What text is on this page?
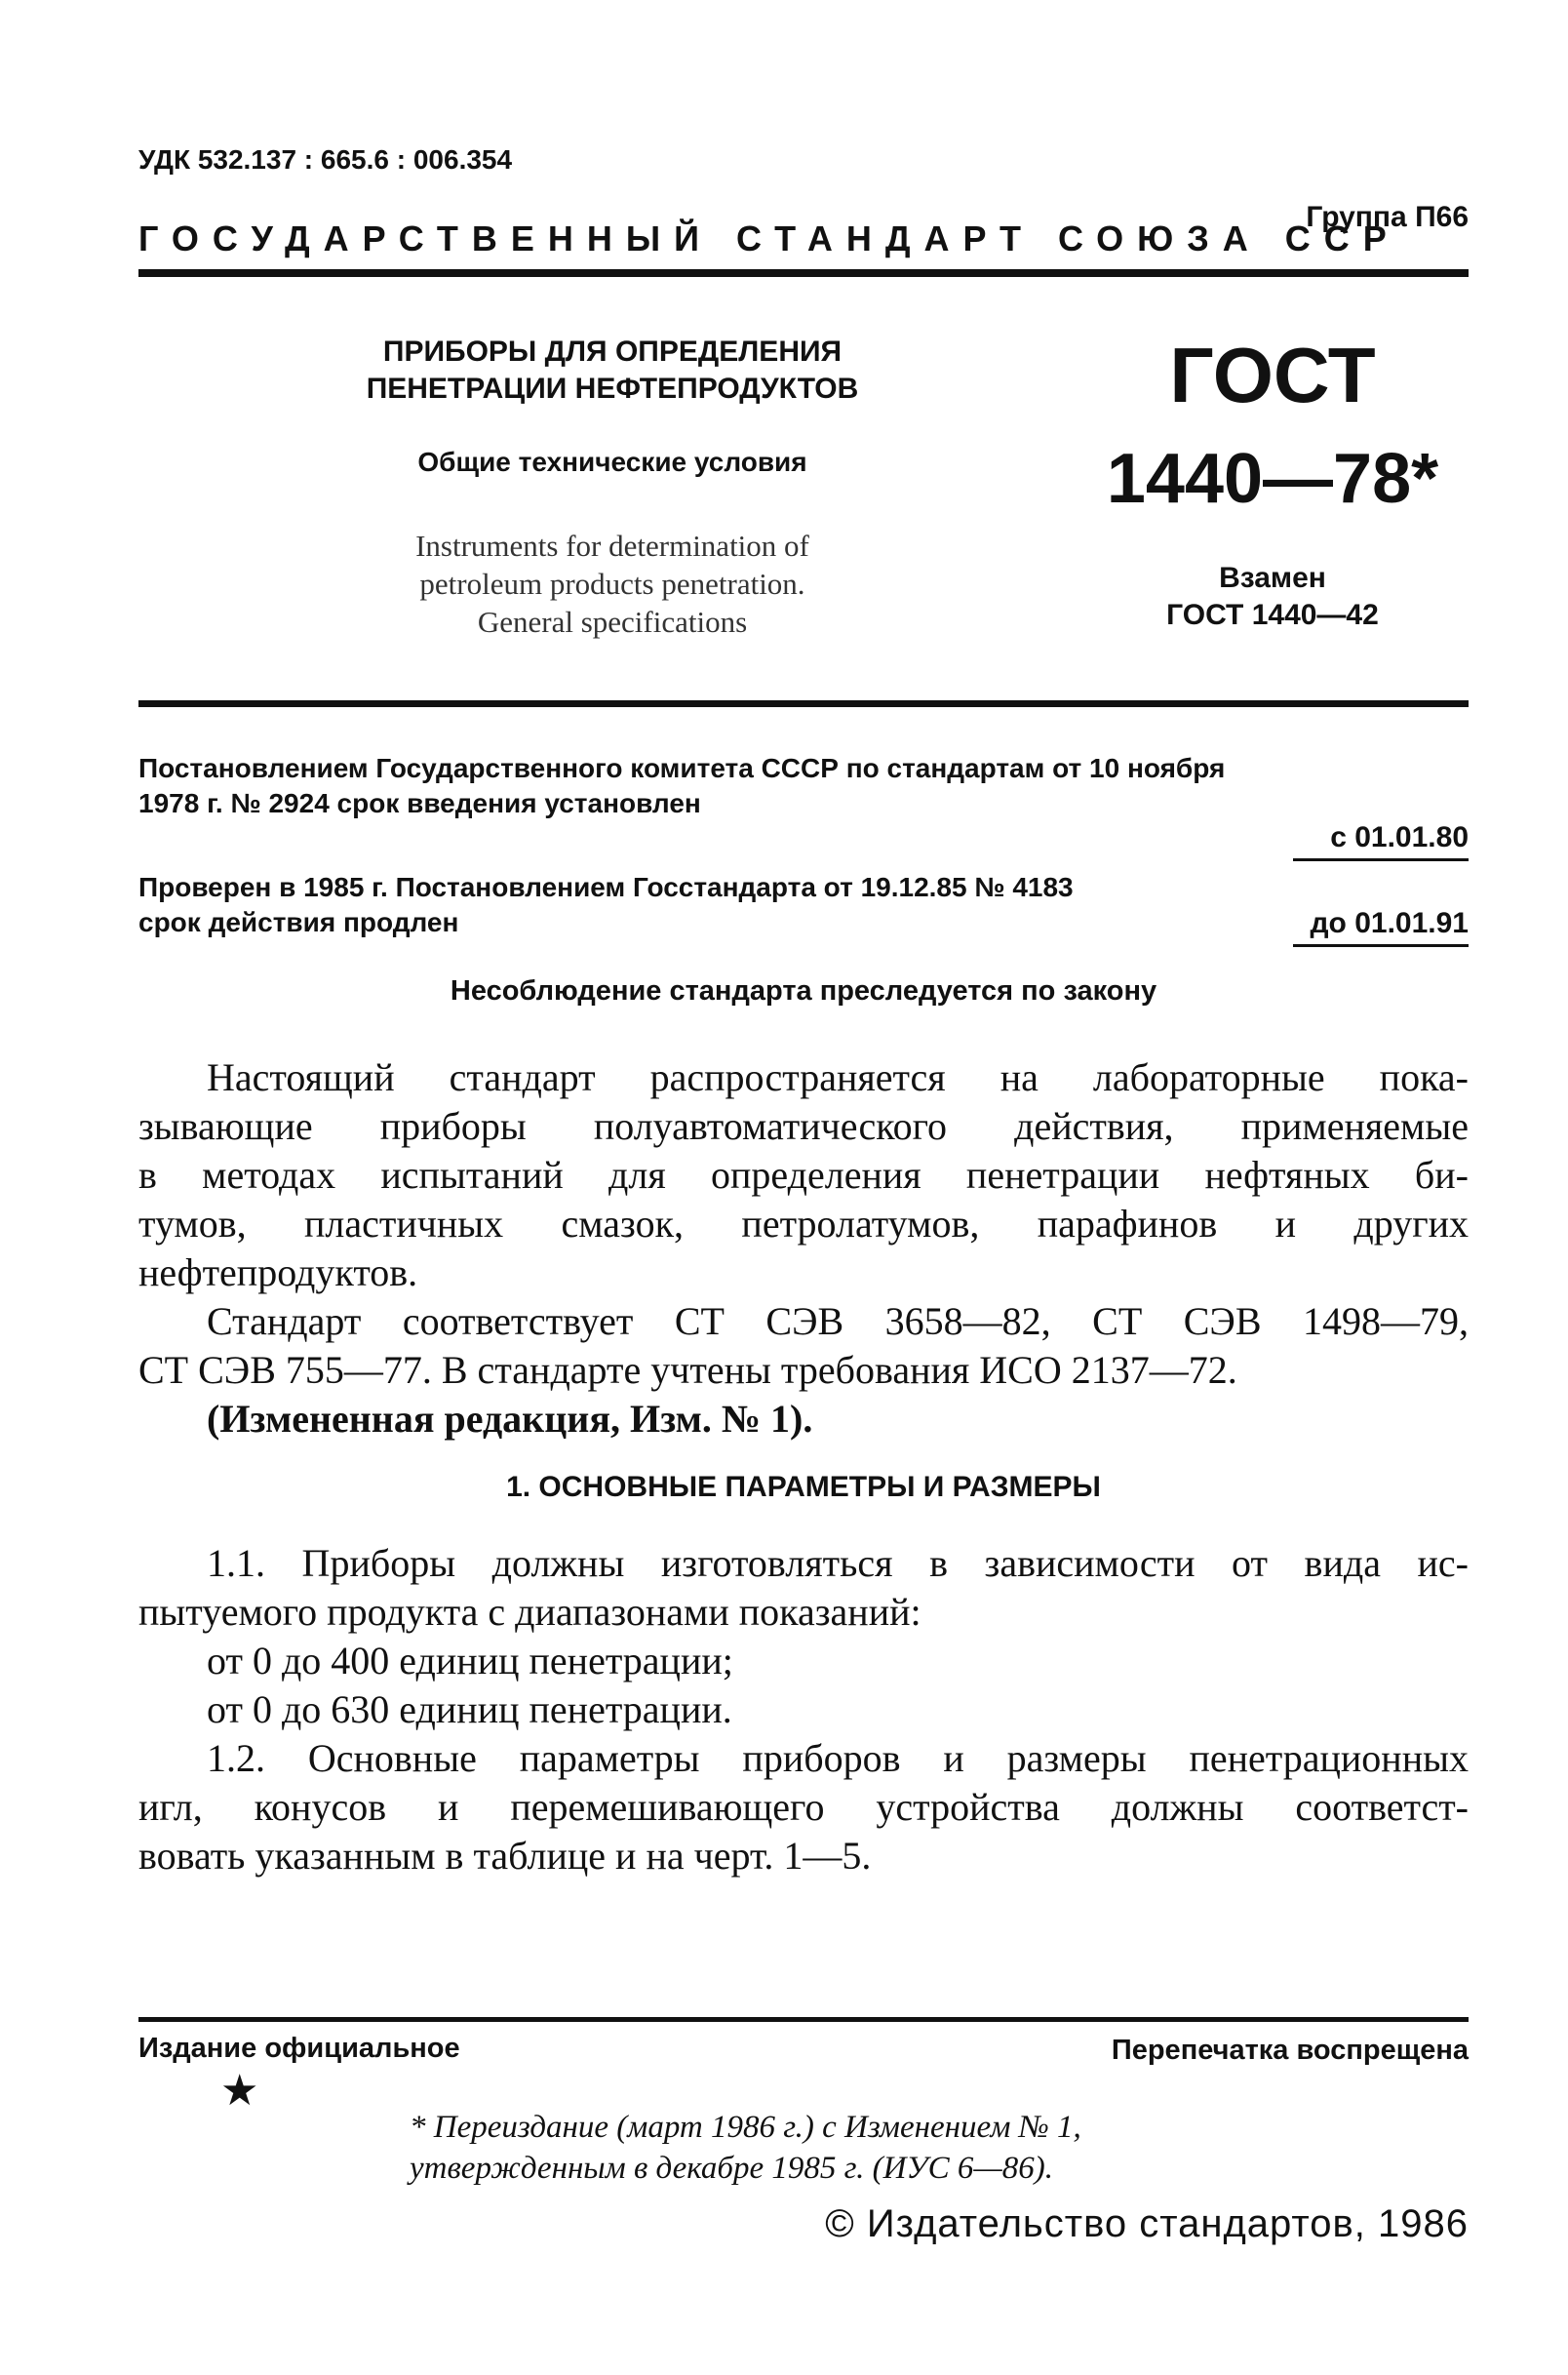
УДК 532.137 : 665.6 : 006.354
Группа П66
ГОСУДАРСТВЕННЫЙ СТАНДАРТ СОЮЗА ССР
ПРИБОРЫ ДЛЯ ОПРЕДЕЛЕНИЯ
ПЕНЕТРАЦИИ НЕФТЕПРОДУКТОВ
Общие технические условия
Instruments for determination of
petroleum products penetration.
General specifications
ГОСТ
1440—78*
Взамен
ГОСТ 1440—42
Постановлением Государственного комитета СССР по стандартам от 10 ноября
1978 г. № 2924 срок введения установлен
с 01.01.80
Проверен в 1985 г. Постановлением Госстандарта от 19.12.85 № 4183
срок действия продлен	до 01.01.91
Несоблюдение стандарта преследуется по закону

Настоящий стандарт распространяется на лабораторные пока-

зывающие приборы полуавтоматического действия, применяемые

в методах испытаний для определения пенетрации нефтяных би-

тумов, пластичных смазок, петролатумов, парафинов и других

нефтепродуктов.

Стандарт соответствует СТ СЭВ 3658—82, СТ СЭВ 1498—79,

СТ СЭВ 755—77. В стандарте учтены требования ИСО 2137—72.

(Измененная редакция, Изм. № 1).

1. ОСНОВНЫЕ ПАРАМЕТРЫ И РАЗМЕРЫ

1.1. Приборы должны изготовляться в зависимости от вида ис-

пытуемого продукта с диапазонами показаний:

от 0 до 400 единиц пенетрации;

от 0 до 630 единиц пенетрации.

1.2. Основные параметры приборов и размеры пенетрационных

игл, конусов и перемешивающего устройства должны соответст-

вовать указанным в таблице и на черт. 1—5.

Издание официальное	Перепечатка воспрещена
★
* Переиздание (март 1986 г.) с Изменением № 1,
утвержденным в декабре 1985 г. (ИУС 6—86).
© Издательство стандартов, 1986
